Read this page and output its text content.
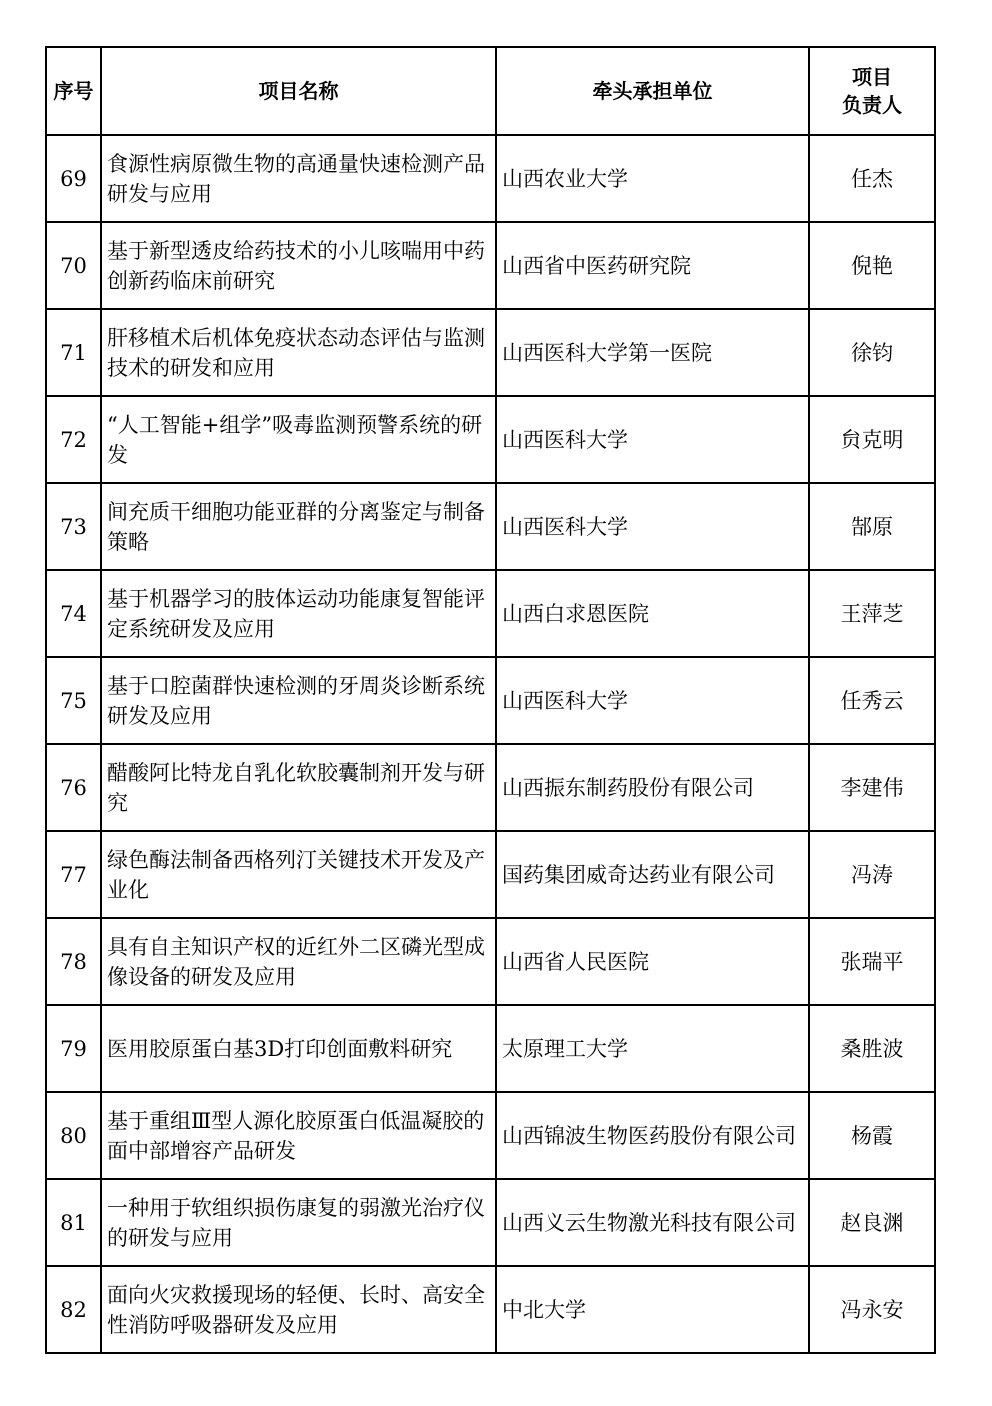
序号	项目名称	牵头承担单位	项目
负责人

69	食源性病原微生物的高通量快速检测产品研发与应用	山西农业大学	任杰
70	基于新型透皮给药技术的小儿咳喘用中药创新药临床前研究	山西省中医药研究院	倪艳
71	肝移植术后机体免疫状态动态评估与监测技术的研发和应用	山西医科大学第一医院	徐钧
72	“人工智能+组学”吸毒监测预警系统的研发	山西医科大学	贠克明
73	间充质干细胞功能亚群的分离鉴定与制备策略	山西医科大学	郜原
74	基于机器学习的肢体运动功能康复智能评定系统研发及应用	山西白求恩医院	王萍芝
75	基于口腔菌群快速检测的牙周炎诊断系统研发及应用	山西医科大学	任秀云
76	醋酸阿比特龙自乳化软胶囊制剂开发与研究	山西振东制药股份有限公司	李建伟
77	绿色酶法制备西格列汀关键技术开发及产业化	国药集团威奇达药业有限公司	冯涛
78	具有自主知识产权的近红外二区磷光型成像设备的研发及应用	山西省人民医院	张瑞平
79	医用胶原蛋白基3D打印创面敷料研究	太原理工大学	桑胜波
80	基于重组Ⅲ型人源化胶原蛋白低温凝胶的面中部增容产品研发	山西锦波生物医药股份有限公司	杨霞
81	一种用于软组织损伤康复的弱激光治疗仪的研发与应用	山西义云生物激光科技有限公司	赵良渊
82	面向火灾救援现场的轻便、长时、高安全性消防呼吸器研发及应用	中北大学	冯永安
